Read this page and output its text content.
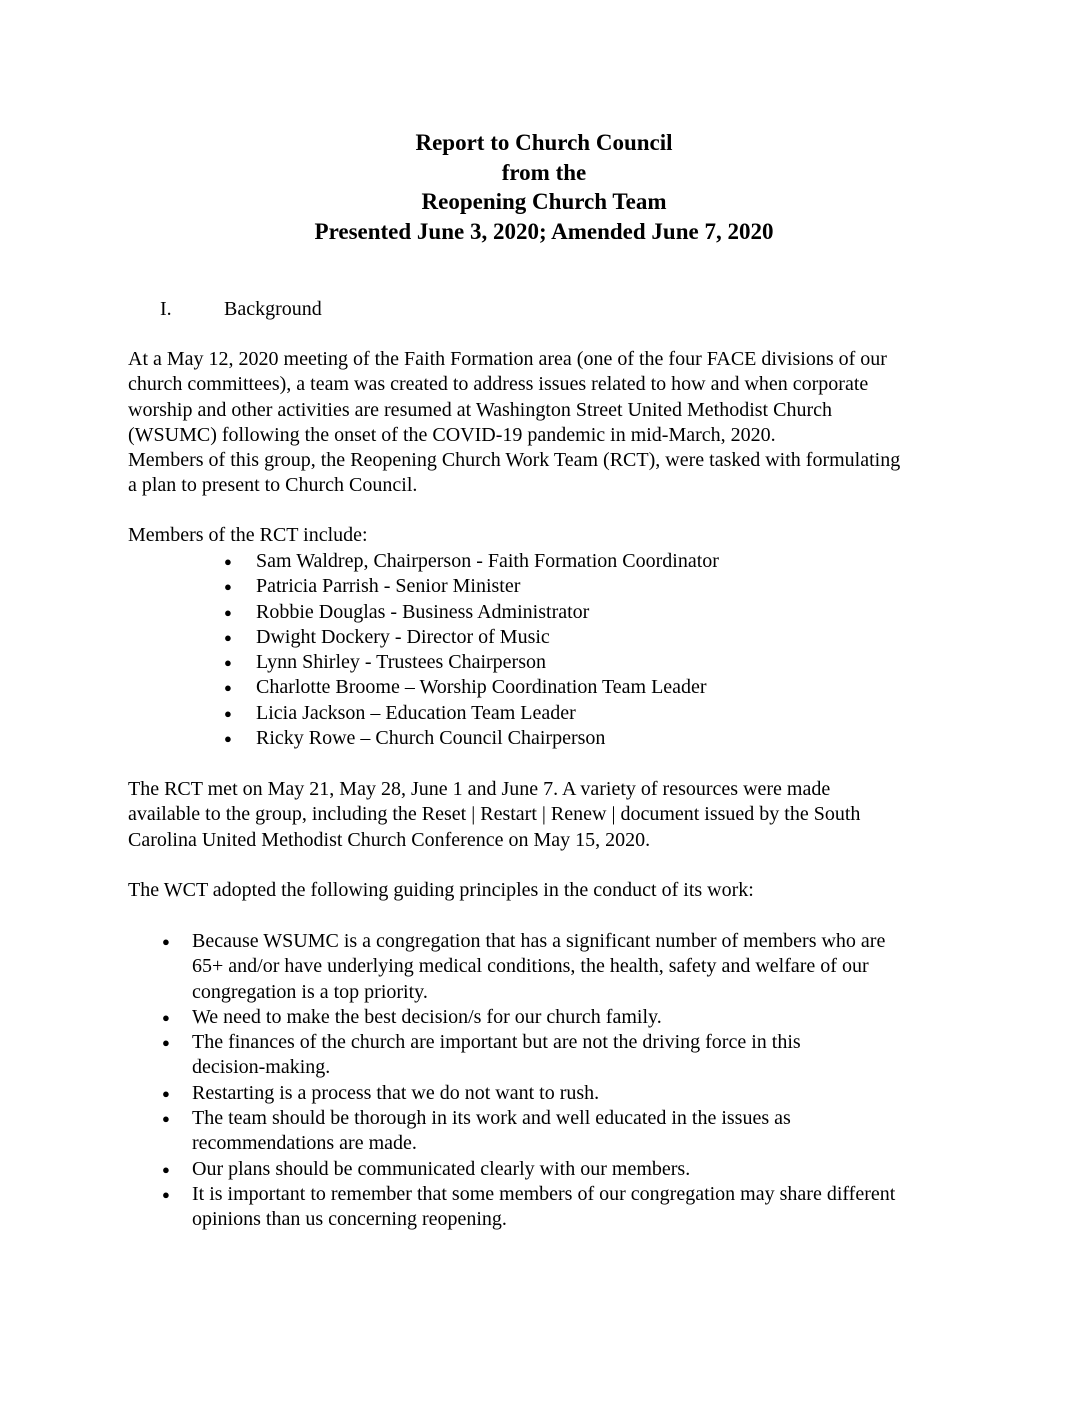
Report to Church Council
from the
Reopening Church Team
Presented June 3, 2020; Amended June 7, 2020
I.	Background
At a May 12, 2020 meeting of the Faith Formation area (one of the four FACE divisions of our
church committees), a team was created to address issues related to how and when corporate
worship and other activities are resumed at Washington Street United Methodist Church
(WSUMC) following the onset of the COVID-19 pandemic in mid-March, 2020.
Members of this group, the Reopening Church Work Team (RCT), were tasked with formulating
a plan to present to Church Council.
Members of the RCT include:
● Sam Waldrep, Chairperson - Faith Formation Coordinator
● Patricia Parrish - Senior Minister
● Robbie Douglas - Business Administrator
● Dwight Dockery - Director of Music
● Lynn Shirley - Trustees Chairperson
● Charlotte Broome – Worship Coordination Team Leader
● Licia Jackson – Education Team Leader
● Ricky Rowe – Church Council Chairperson
The RCT met on May 21, May 28, June 1 and June 7. A variety of resources were made
available to the group, including the Reset | Restart | Renew | document issued by the South
Carolina United Methodist Church Conference on May 15, 2020.
The WCT adopted the following guiding principles in the conduct of its work:
● Because WSUMC is a congregation that has a significant number of members who are
65+ and/or have underlying medical conditions, the health, safety and welfare of our
congregation is a top priority.
● We need to make the best decision/s for our church family.
● The finances of the church are important but are not the driving force in this
decision-making.
● Restarting is a process that we do not want to rush.
● The team should be thorough in its work and well educated in the issues as
recommendations are made.
● Our plans should be communicated clearly with our members.
● It is important to remember that some members of our congregation may share different
opinions than us concerning reopening.
